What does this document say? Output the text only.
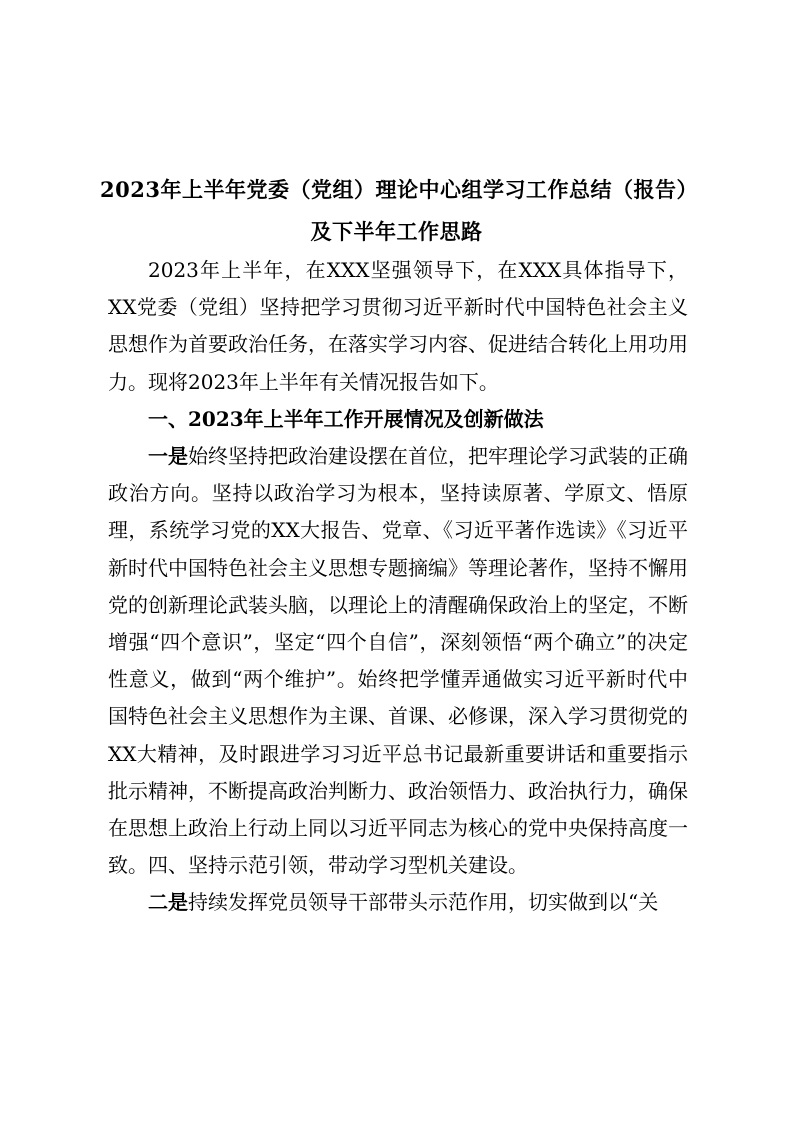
2023年上半年党委（党组）理论中心组学习工作总结（报告）
及下半年工作思路

2023年上半年，在XXX坚强领导下，在XXX具体指导下，XX党委（党组）坚持把学习贯彻习近平新时代中国特色社会主义思想作为首要政治任务，在落实学习内容、促进结合转化上用功用力。现将2023年上半年有关情况报告如下。

一、2023年上半年工作开展情况及创新做法

一是始终坚持把政治建设摆在首位，把牢理论学习武装的正确政治方向。坚持以政治学习为根本，坚持读原著、学原文、悟原理，系统学习党的XX大报告、党章、《习近平著作选读》《习近平新时代中国特色社会主义思想专题摘编》等理论著作，坚持不懈用党的创新理论武装头脑，以理论上的清醒确保政治上的坚定，不断增强“四个意识”，坚定“四个自信”，深刻领悟“两个确立”的决定性意义，做到“两个维护”。始终把学懂弄通做实习近平新时代中国特色社会主义思想作为主课、首课、必修课，深入学习贯彻党的XX大精神，及时跟进学习习近平总书记最新重要讲话和重要指示批示精神，不断提高政治判断力、政治领悟力、政治执行力，确保在思想上政治上行动上同以习近平同志为核心的党中央保持高度一致。四、坚持示范引领，带动学习型机关建设。

二是持续发挥党员领导干部带头示范作用，切实做到以“关
